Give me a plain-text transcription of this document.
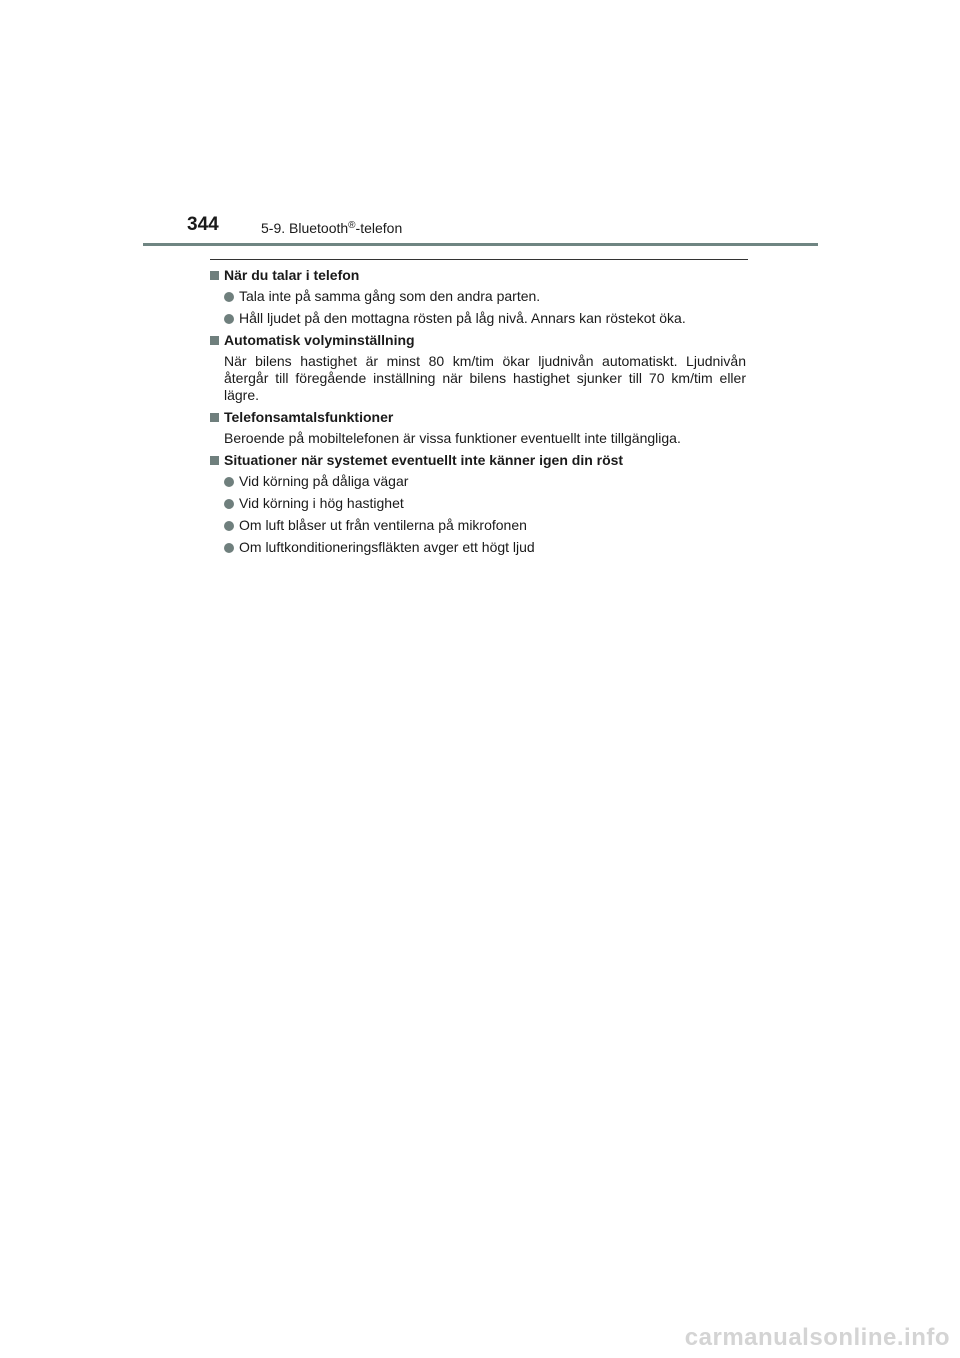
344	5-9. Bluetooth®-telefon
När du talar i telefon
Tala inte på samma gång som den andra parten.
Håll ljudet på den mottagna rösten på låg nivå. Annars kan röstekot öka.
Automatisk volyminställning
När bilens hastighet är minst 80 km/tim ökar ljudnivån automatiskt. Ljudnivån återgår till föregående inställning när bilens hastighet sjunker till 70 km/tim eller lägre.
Telefonsamtalsfunktioner
Beroende på mobiltelefonen är vissa funktioner eventuellt inte tillgängliga.
Situationer när systemet eventuellt inte känner igen din röst
Vid körning på dåliga vägar
Vid körning i hög hastighet
Om luft blåser ut från ventilerna på mikrofonen
Om luftkonditioneringsfläkten avger ett högt ljud
carmanualsonline.info
